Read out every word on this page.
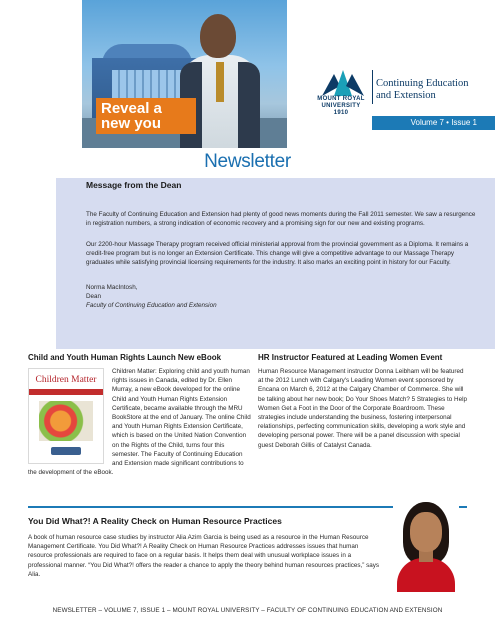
Reveal a
new you
MOUNT ROYAL
UNIVERSITY
1910
Continuing Education
and Extension
Volume 7 • Issue 1
Newsletter
Message from the Dean

The Faculty of Continuing Education and Extension had plenty of good news moments during the Fall 2011 semester. We saw a resurgence in registration numbers, a strong indication of economic recovery and a promising sign for our new and existing programs.

Our 2200-hour Massage Therapy program received official ministerial approval from the provincial government as a Diploma. It remains a credit-free program but is no longer an Extension Certificate. This change will give a competitive advantage to our Massage Therapy graduates while satisfying provincial licensing requirements for the industry. It also marks an exciting point in history for our Faculty.

Norma MacIntosh,
Dean
Faculty of Continuing Education and Extension

Child and Youth Human Rights Launch New eBook
Children Matter

Children Matter: Exploring child and youth human rights issues in Canada, edited by Dr. Ellen Murray, a new eBook developed for the online Child and Youth Human Rights Extension Certificate, became available through the MRU BookStore at the end of January. The online Child and Youth Human Rights Extension Certificate, which is based on the United Nation Convention on the Rights of the Child, turns four this semester. The Faculty of Continuing Education and Extension made significant contributions to the development of the eBook.

HR Instructor Featured at Leading Women Event

Human Resource Management instructor Donna Leibham will be featured at the 2012 Lunch with Calgary's Leading Women event sponsored by Encana on March 6, 2012 at the Calgary Chamber of Commerce. She will be talking about her new book; Do Your Shoes Match? 5 Strategies to Help Women Get a Foot in the Door of the Corporate Boardroom. These strategies include understanding the business, fostering interpersonal relationships, perfecting communication skills, developing a work style and developing personal power. There will be a panel discussion with special guest Deborah Gillis of Catalyst Canada.

You Did What?! A Reality Check on Human Resource Practices

A book of human resource case studies by instructor Alia Azim Garcia is being used as a resource in the Human Resource Management Certificate. You Did What?! A Reality Check on Human Resource Practices addresses issues that human resource professionals are required to face on a regular basis. It helps them deal with unusual workplace issues in a professional manner. “You Did What?! offers the reader a chance to apply the theory behind human resources practices,” says Alia.

NEWSLETTER – VOLUME 7, ISSUE 1 – MOUNT ROYAL UNIVERSITY – FACULTY OF CONTINUING EDUCATION AND EXTENSION
